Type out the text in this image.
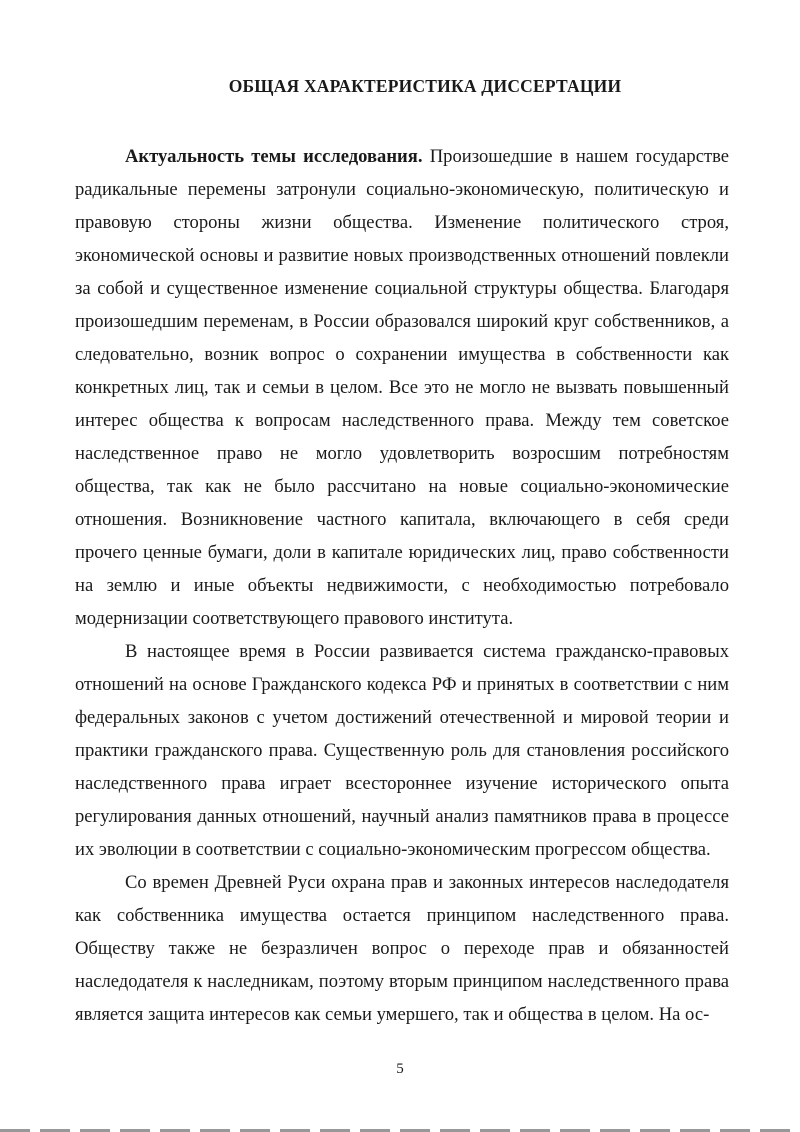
ОБЩАЯ ХАРАКТЕРИСТИКА ДИССЕРТАЦИИ

Актуальность темы исследования. Произошедшие в нашем государстве радикальные перемены затронули социально-экономическую, политическую и правовую стороны жизни общества. Изменение политического строя, экономической основы и развитие новых производственных отношений повлекли за собой и существенное изменение социальной структуры общества. Благодаря произошедшим переменам, в России образовался широкий круг собственников, а следовательно, возник вопрос о сохранении имущества в собственности как конкретных лиц, так и семьи в целом. Все это не могло не вызвать повышенный интерес общества к вопросам наследственного права. Между тем советское наследственное право не могло удовлетворить возросшим потребностям общества, так как не было рассчитано на новые социально-экономические отношения. Возникновение частного капитала, включающего в себя среди прочего ценные бумаги, доли в капитале юридических лиц, право собственности на землю и иные объекты недвижимости, с необходимостью потребовало модернизации соответствующего правового института.

В настоящее время в России развивается система гражданско-правовых отношений на основе Гражданского кодекса РФ и принятых в соответствии с ним федеральных законов с учетом достижений отечественной и мировой теории и практики гражданского права. Существенную роль для становления российского наследственного права играет всестороннее изучение исторического опыта регулирования данных отношений, научный анализ памятников права в процессе их эволюции в соответствии с социально-экономическим прогрессом общества.

Со времен Древней Руси охрана прав и законных интересов наследодателя как собственника имущества остается принципом наследственного права. Обществу также не безразличен вопрос о переходе прав и обязанностей наследодателя к наследникам, поэтому вторым принципом наследственного права является защита интересов как семьи умершего, так и общества в целом. На ос-

5
